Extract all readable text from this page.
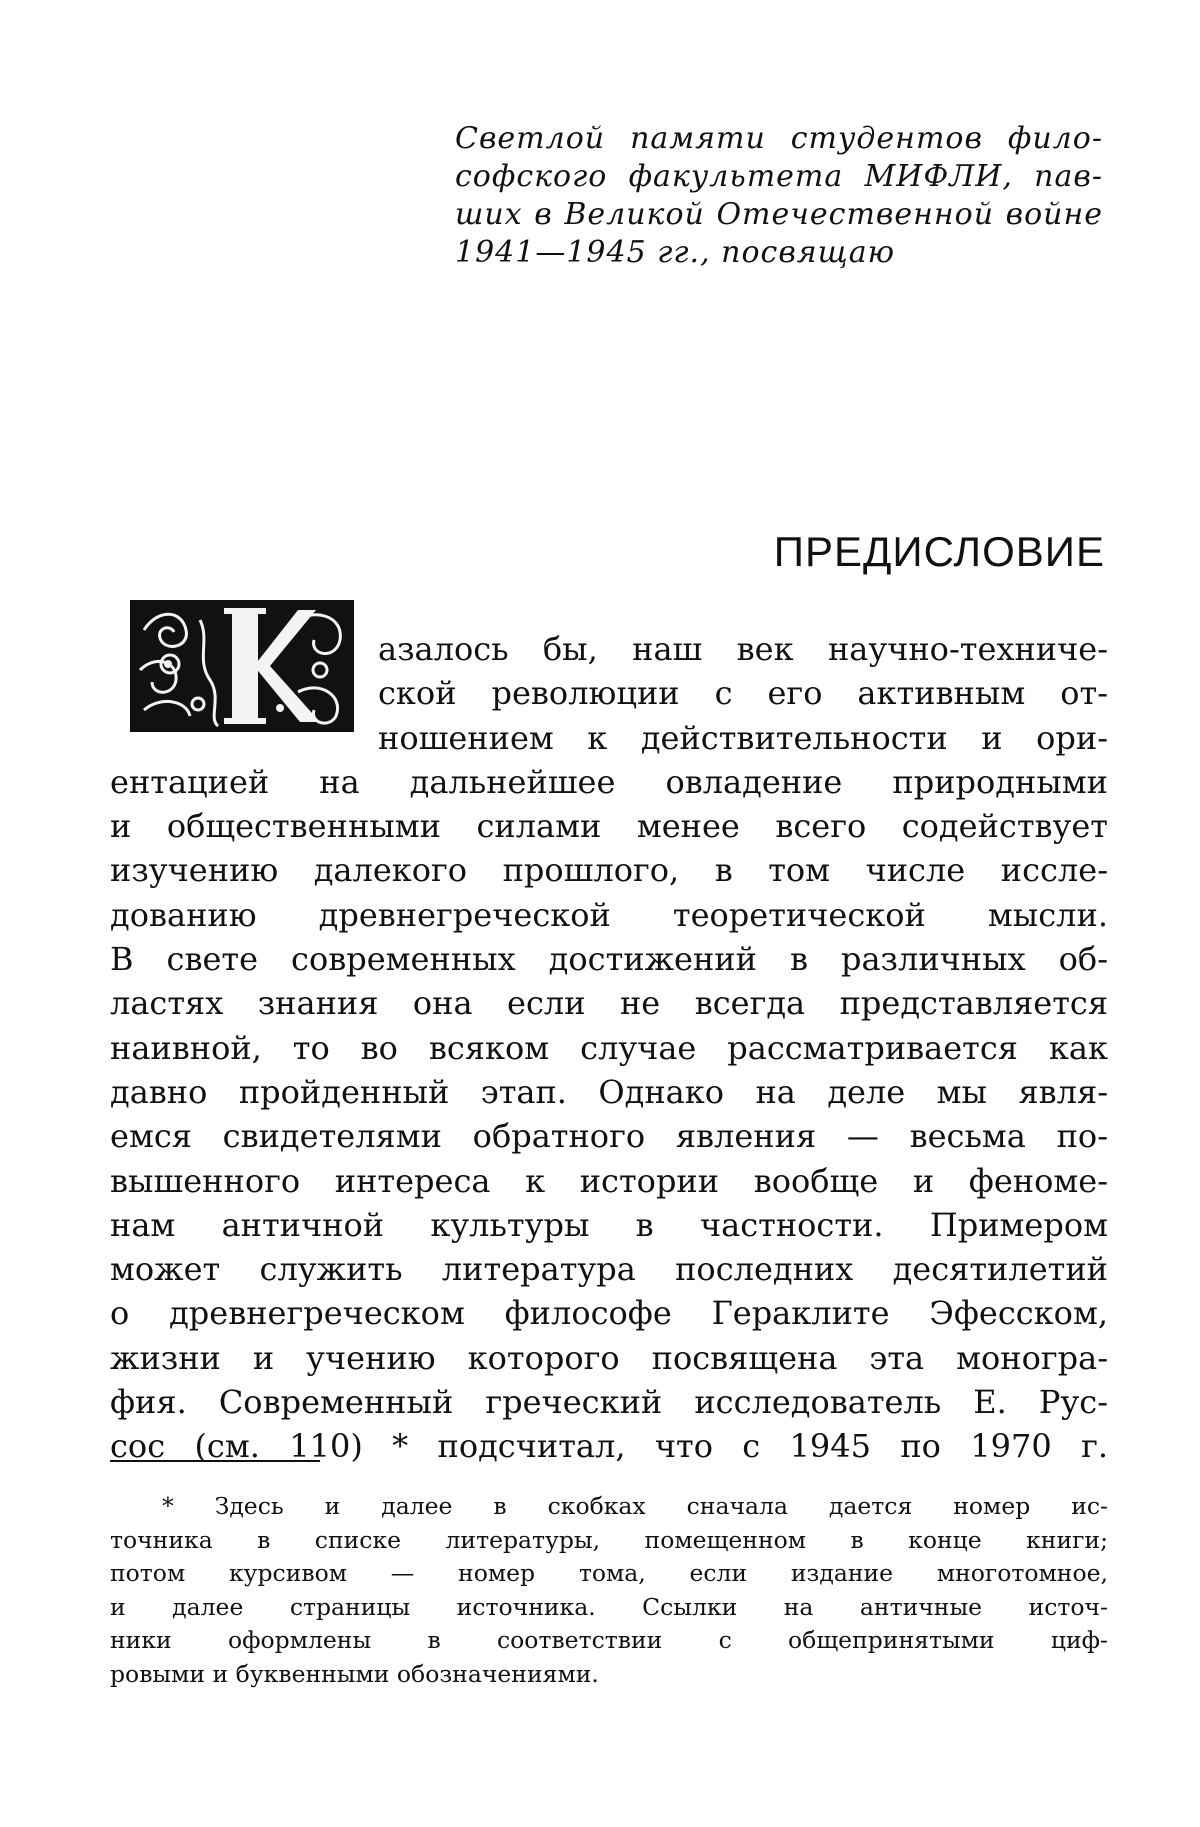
Светлой памяти студентов фило-
софского факультета МИФЛИ, пав-
ших в Великой Отечественной войне
1941—1945 гг., посвящаю
ПРЕДИСЛОВИЕ
азалось бы, наш век научно-техниче-
ской революции с его активным от-
ношением к действительности и ори-
ентацией на дальнейшее овладение природными
и общественными силами менее всего содействует
изучению далекого прошлого, в том числе иссле-
дованию древнегреческой теоретической мысли.
В свете современных достижений в различных об-
ластях знания она если не всегда представляется
наивной, то во всяком случае рассматривается как
давно пройденный этап. Однако на деле мы явля-
емся свидетелями обратного явления — весьма по-
вышенного интереса к истории вообще и феноме-
нам античной культуры в частности. Примером
может служить литература последних десятилетий
о древнегреческом философе Гераклите Эфесском,
жизни и учению которого посвящена эта моногра-
фия. Современный греческий исследователь Е. Рус-
сос (см. 110) * подсчитал, что с 1945 по 1970 г.
* Здесь и далее в скобках сначала дается номер ис-
точника в списке литературы, помещенном в конце книги;
потом курсивом — номер тома, если издание многотомное,
и далее страницы источника. Ссылки на античные источ-
ники оформлены в соответствии с общепринятыми циф-
ровыми и буквенными обозначениями.
